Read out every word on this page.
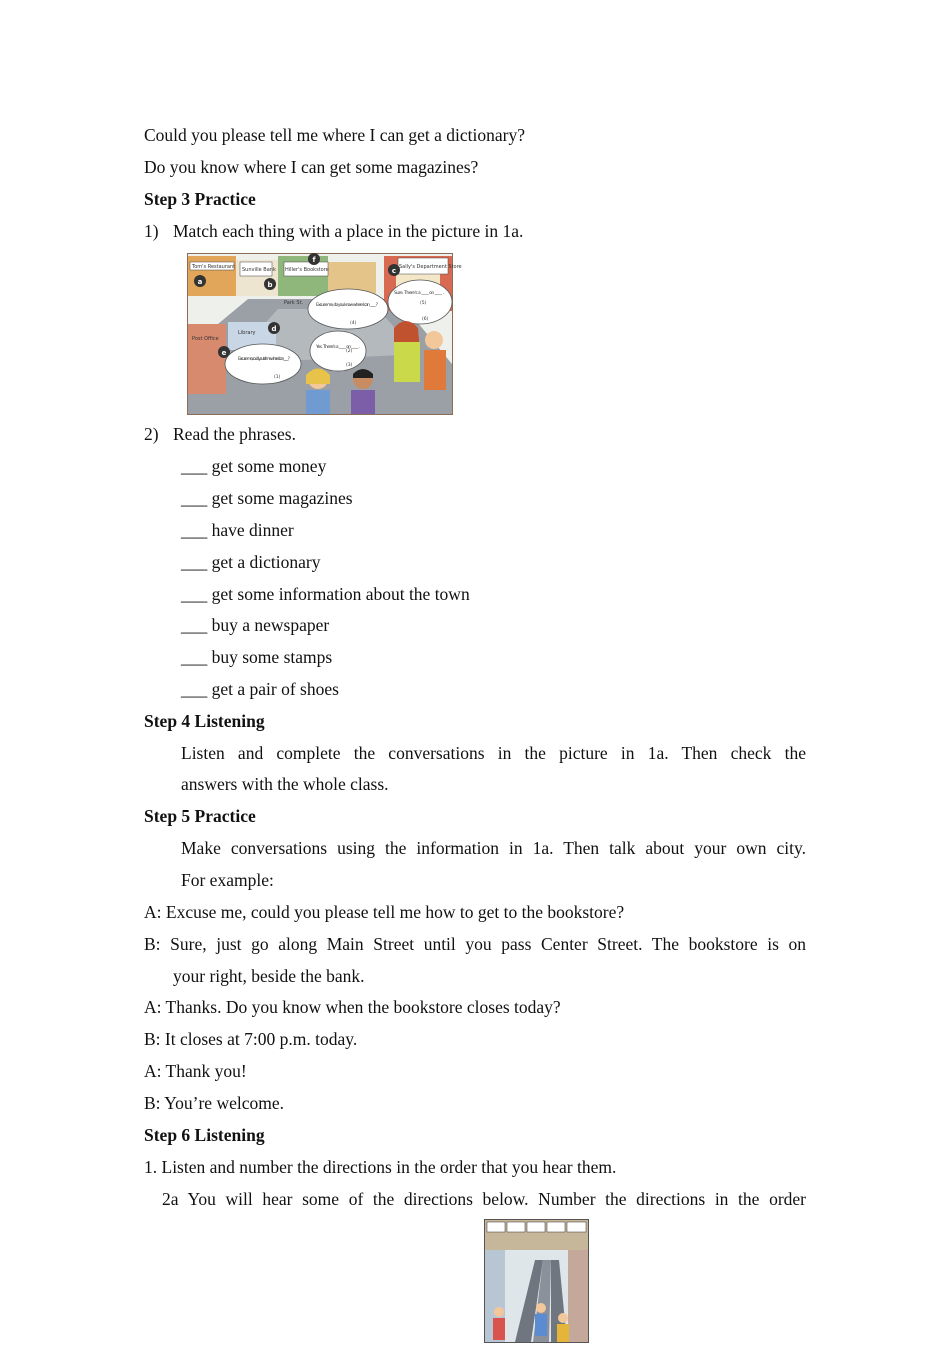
Could you please tell me where I can get a dictionary?
Do you know where I can get some magazines?
Step 3 Practice
1) Match each thing with a place in the picture in 1a.
2) Read the phrases.
___ get some money
___ get some magazines
___ have dinner
___ get a dictionary
___ get some information about the town
___ buy a newspaper
___ buy some stamps
___ get a pair of shoes
Step 4 Listening
Listen and complete the conversations in the picture in 1a. Then check the
answers with the whole class.
Step 5 Practice
Make conversations using the information in 1a. Then talk about your own city.
For example:
A: Excuse me, could you please tell me how to get to the bookstore?
B: Sure, just go along Main Street until you pass Center Street. The bookstore is on
your right, beside the bank.
A: Thanks. Do you know when the bookstore closes today?
B: It closes at 7:00 p.m. today.
A: Thank you!
B: You’re welcome.
Step 6 Listening
1. Listen and number the directions in the order that you hear them.
2a You will hear some of the directions below. Number the directions in the order
Tom's Restaurant Sunville Bank Hiller's Bookstore	Sally's Department Store
Library
Post Office
Park St.
a	b
c
d
e
f
Excuse me, could you tell me where I can ____ ?
Excuse me, do you know where I can ____ ?
Yes. There's a ____ on ____ .
Sure. There's a ____ on ____ .
(1)
(2)
(3)
(4)
(5)
(6)
